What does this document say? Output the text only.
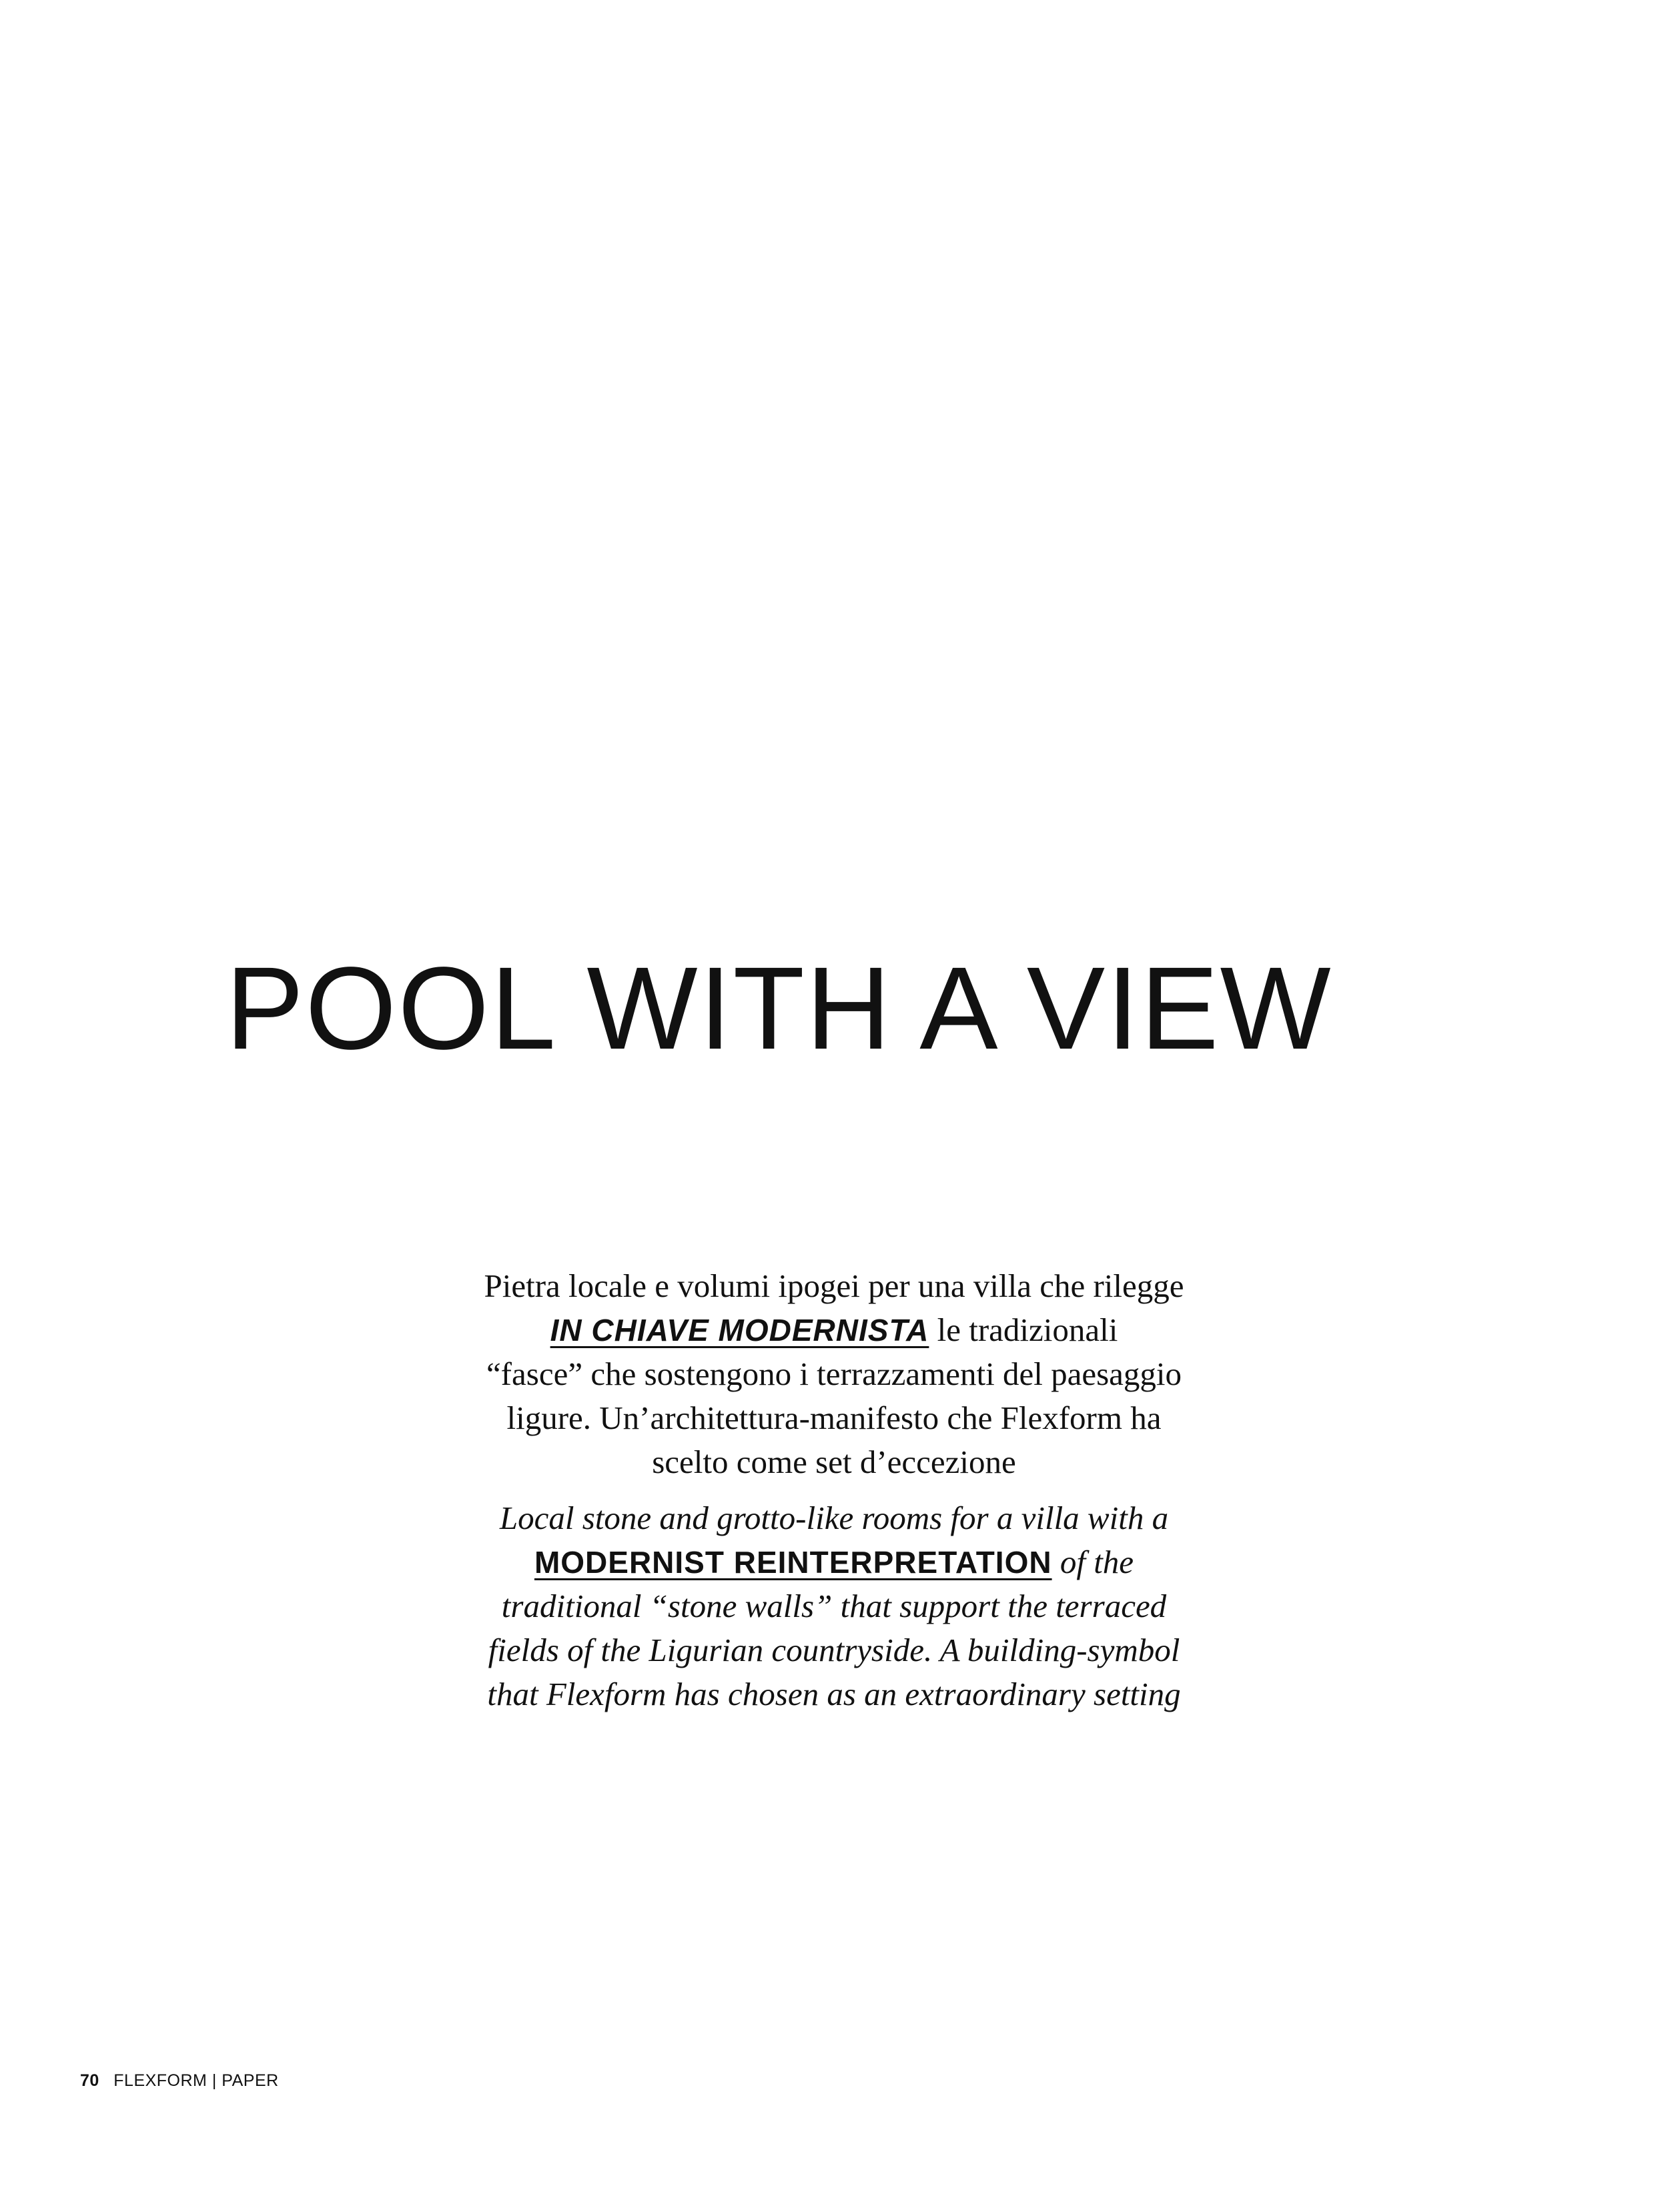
POOL WITH A VIEW

Pietra locale e volumi ipogei per una villa che rilegge
IN CHIAVE MODERNISTA le tradizionali
“fasce” che sostengono i terrazzamenti del paesaggio
ligure. Un’architettura-manifesto che Flexform ha
scelto come set d’eccezione

Local stone and grotto-like rooms for a villa with a
MODERNIST REINTERPRETATION of the
traditional “stone walls” that support the terraced
fields of the Ligurian countryside. A building-symbol
that Flexform has chosen as an extraordinary setting

70 FLEXFORM | PAPER
